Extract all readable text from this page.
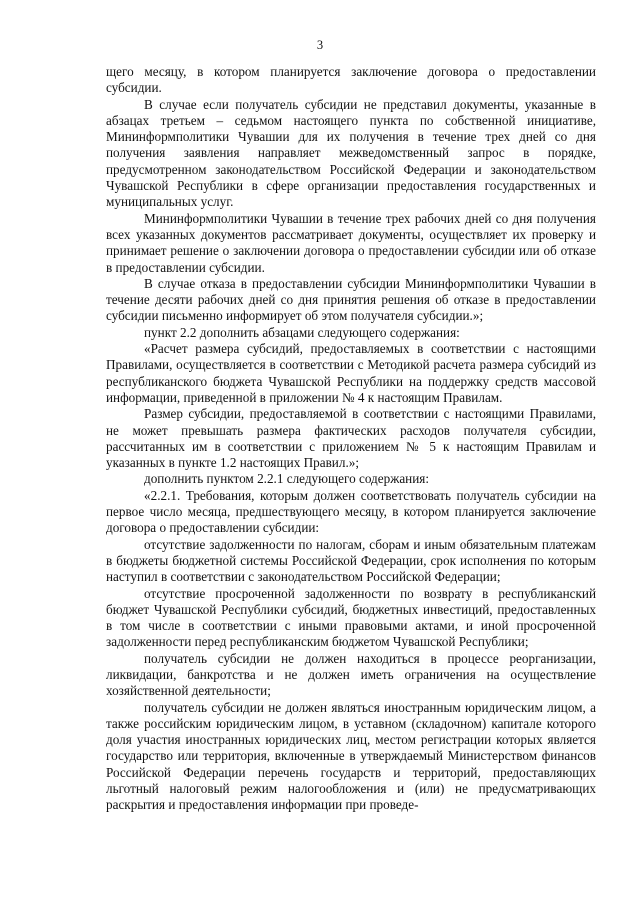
3

щего месяцу, в котором планируется заключение договора о предоставлении субсидии.

В случае если получатель субсидии не представил документы, указанные в абзацах третьем – седьмом настоящего пункта по собственной инициативе, Мининформполитики Чувашии для их получения в течение трех дней со дня получения заявления направляет межведомственный запрос в порядке, предусмотренном законодательством Российской Федерации и законодательством Чувашской Республики в сфере организации предоставления государственных и муниципальных услуг.

Мининформполитики Чувашии в течение трех рабочих дней со дня получения всех указанных документов рассматривает документы, осуществляет их проверку и принимает решение о заключении договора о предоставлении субсидии или об отказе в предоставлении субсидии.

В случае отказа в предоставлении субсидии Мининформполитики Чувашии в течение десяти рабочих дней со дня принятия решения об отказе в предоставлении субсидии письменно информирует об этом получателя субсидии.»;

пункт 2.2 дополнить абзацами следующего содержания:

«Расчет размера субсидий, предоставляемых в соответствии с настоящими Правилами, осуществляется в соответствии с Методикой расчета размера субсидий из республиканского бюджета Чувашской Республики на поддержку средств массовой информации, приведенной в приложении № 4 к настоящим Правилам.

Размер субсидии, предоставляемой в соответствии с настоящими Правилами, не может превышать размера фактических расходов получателя субсидии, рассчитанных им в соответствии с приложением № 5 к настоящим Правилам и указанных в пункте 1.2 настоящих Правил.»;

дополнить пунктом 2.2.1 следующего содержания:

«2.2.1. Требования, которым должен соответствовать получатель субсидии на первое число месяца, предшествующего месяцу, в котором планируется заключение договора о предоставлении субсидии:

отсутствие задолженности по налогам, сборам и иным обязательным платежам в бюджеты бюджетной системы Российской Федерации, срок исполнения по которым наступил в соответствии с законодательством Российской Федерации;

отсутствие просроченной задолженности по возврату в республиканский бюджет Чувашской Республики субсидий, бюджетных инвестиций, предоставленных в том числе в соответствии с иными правовыми актами, и иной просроченной задолженности перед республиканским бюджетом Чувашской Республики;

получатель субсидии не должен находиться в процессе реорганизации, ликвидации, банкротства и не должен иметь ограничения на осуществление хозяйственной деятельности;

получатель субсидии не должен являться иностранным юридическим лицом, а также российским юридическим лицом, в уставном (складочном) капитале которого доля участия иностранных юридических лиц, местом регистрации которых является государство или территория, включенные в утверждаемый Министерством финансов Российской Федерации перечень государств и территорий, предоставляющих льготный налоговый режим налогообложения и (или) не предусматривающих раскрытия и предоставления информации при проведе-
